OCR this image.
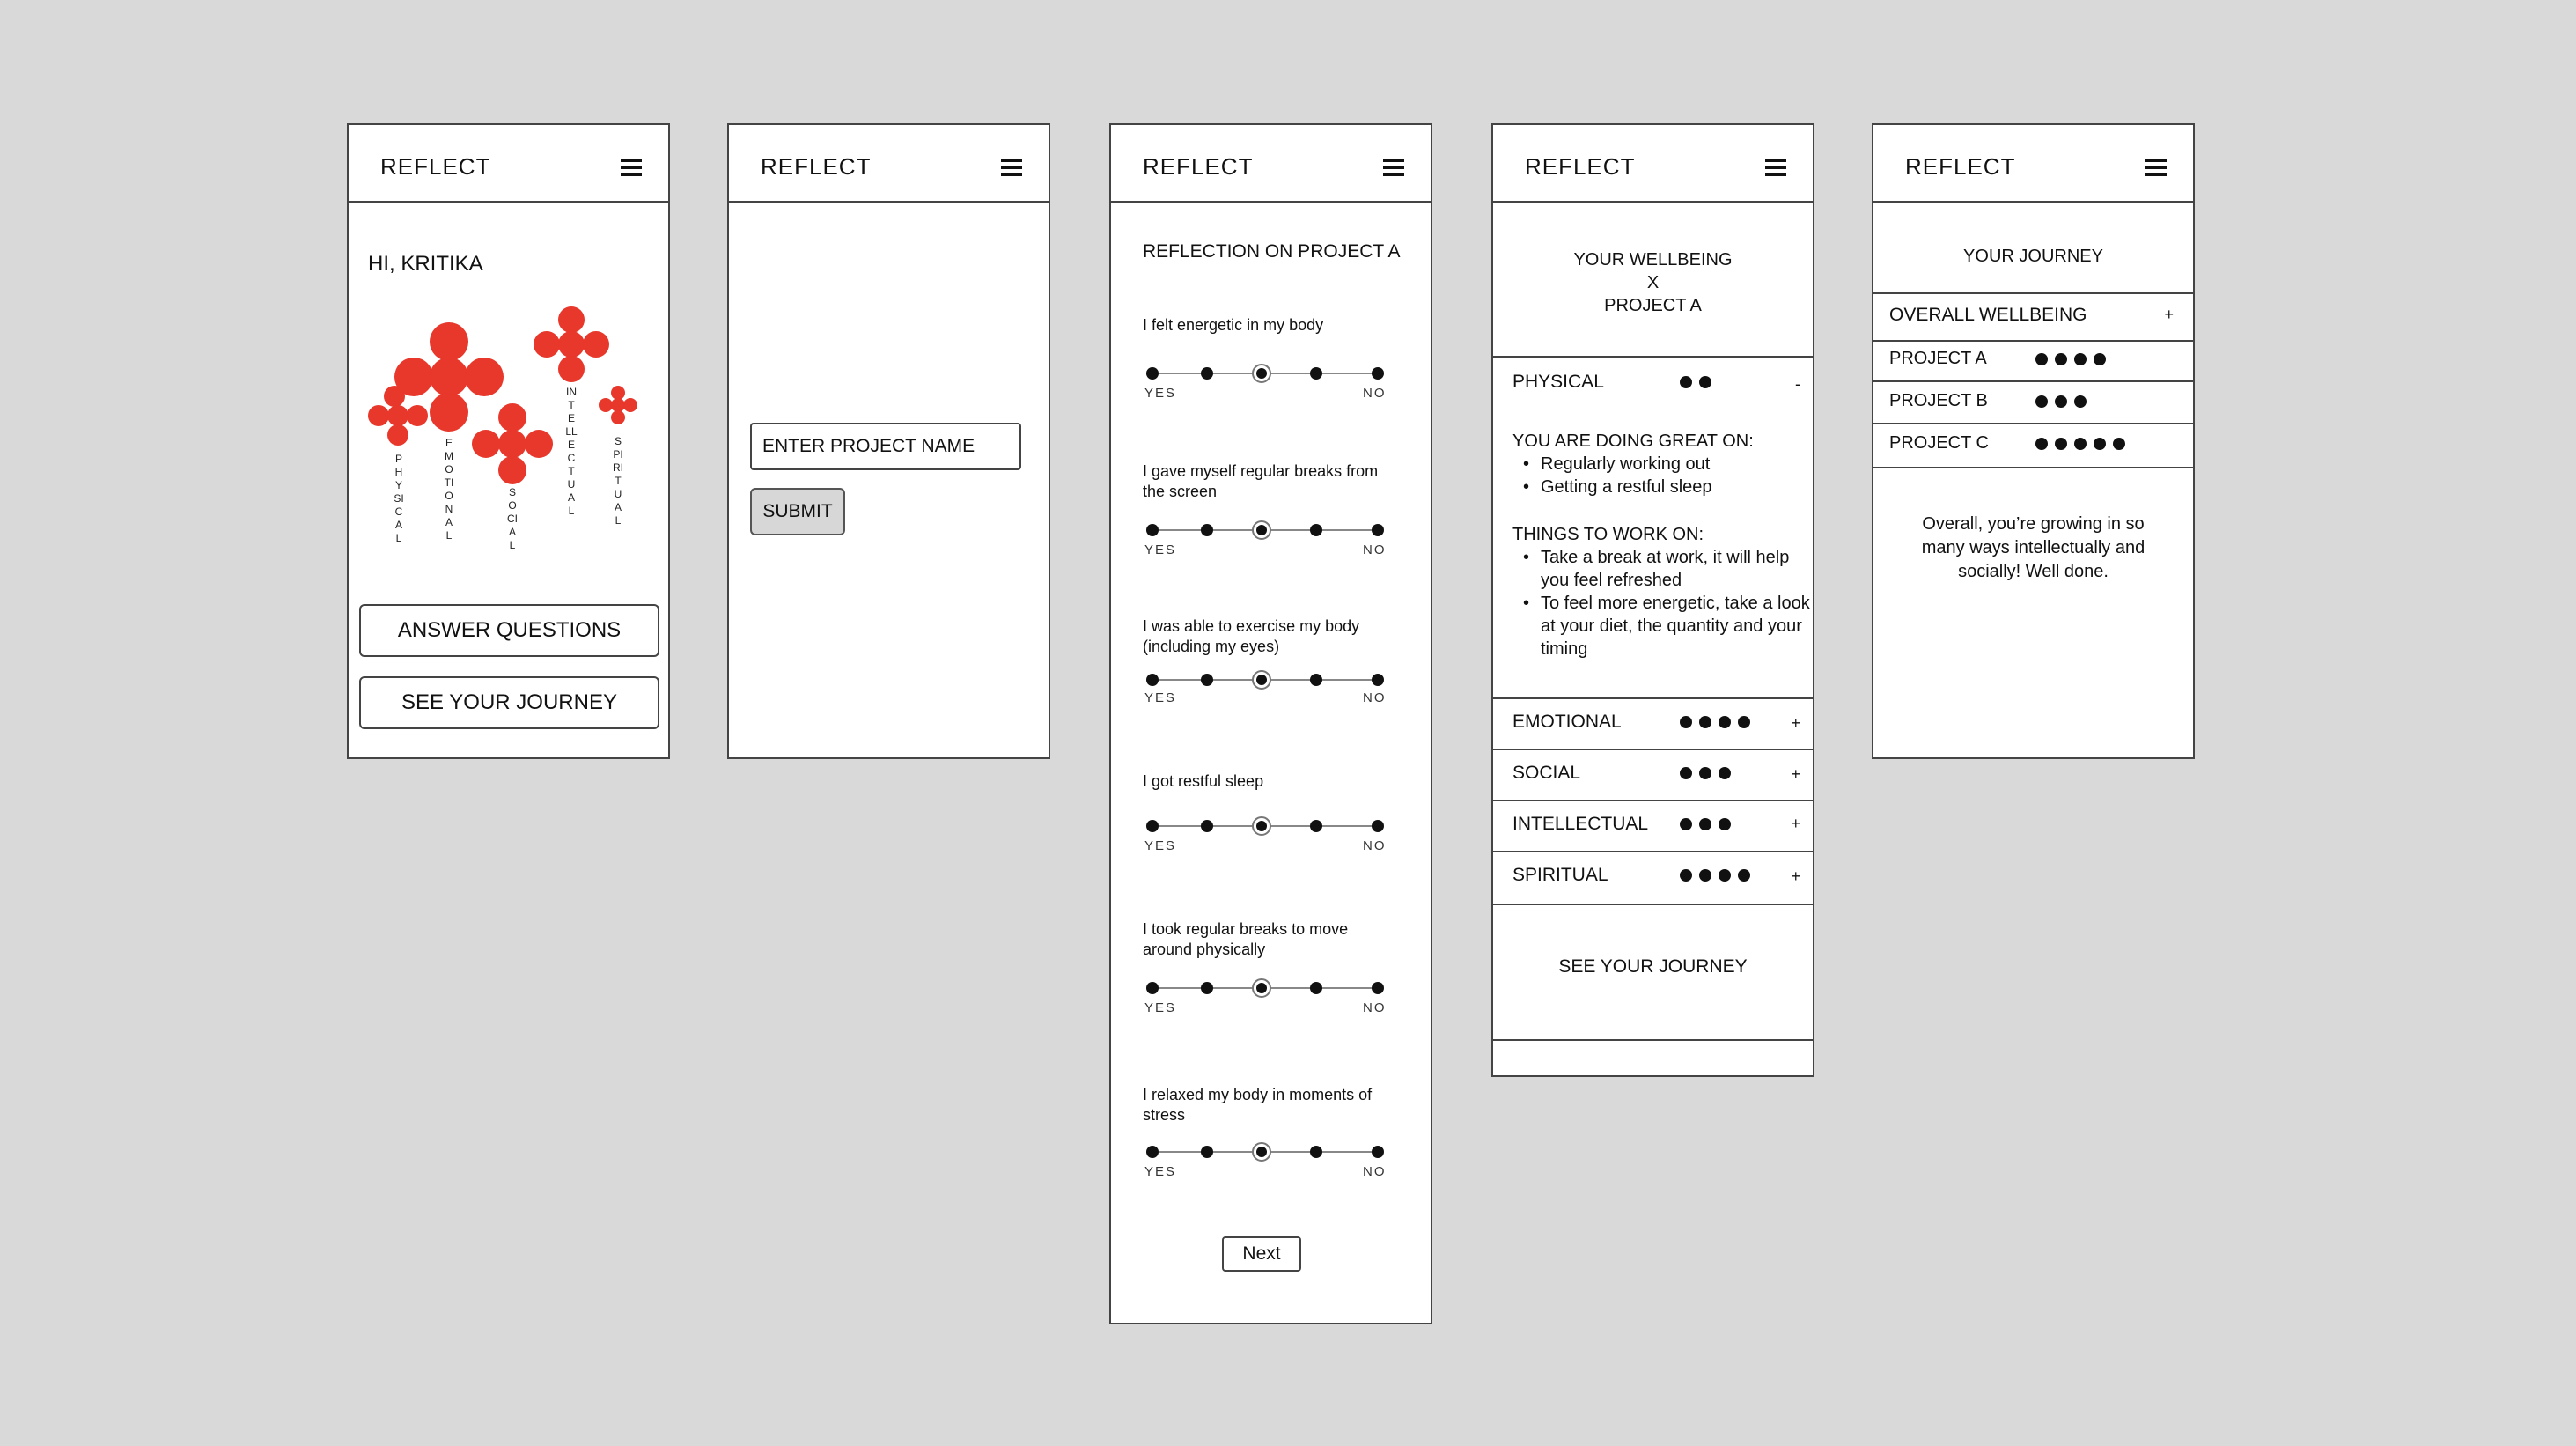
REFLECT
HI, KRITIKA
PHYSICAL
EMOTIONAL
SOCIAL
INTELLECTUAL
SPIRITUAL
ANSWER QUESTIONS
SEE YOUR JOURNEY
REFLECT
ENTER PROJECT NAME
SUBMIT
REFLECT
REFLECTION ON PROJECT A
I felt energetic in my body
YES	NO
I gave myself regular breaks from the screen
YES	NO
I was able to exercise my body (including my eyes)
YES	NO
I got restful sleep
YES	NO
I took regular breaks to move around physically
YES	NO
I relaxed my body in moments of stress
YES	NO
Next
REFLECT
YOUR WELLBEING
X
PROJECT A
PHYSICAL	-
YOU ARE DOING GREAT ON:
• Regularly working out
• Getting a restful sleep
THINGS TO WORK ON:
• Take a break at work, it will help you feel refreshed
• To feel more energetic, take a look at your diet, the quantity and your timing
EMOTIONAL	+
SOCIAL	+
INTELLECTUAL	+
SPIRITUAL	+
SEE YOUR JOURNEY
REFLECT
YOUR JOURNEY
OVERALL WELLBEING	+
PROJECT A
PROJECT B
PROJECT C
Overall, you’re growing in so many ways intellectually and socially! Well done.
